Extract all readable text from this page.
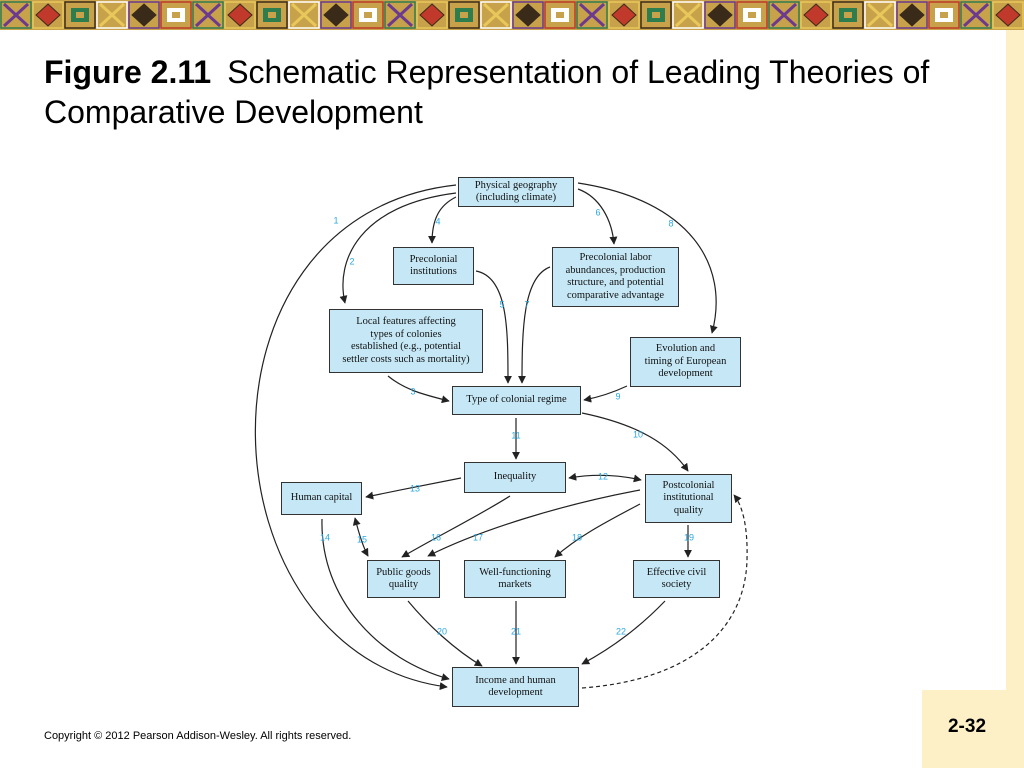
Figure 2.11 Schematic Representation of Leading Theories of Comparative Development
1
2
3
4
5
6
7
8
9
10
11
12
13
14	15	16	17	18	19
20	21	22
Physical geography
(including climate)
Precolonial
institutions
Precolonial labor
abundances, production
structure, and potential
comparative advantage
Local features affecting
types of colonies
established (e.g., potential
settler costs such as mortality)
Evolution and
timing of European
development
Type of colonial regime
Inequality
Human capital
Postcolonial
institutional
quality
Public goods
quality
Well-functioning
markets
Effective civil
society
Income and human
development
Copyright © 2012 Pearson Addison-Wesley. All rights reserved.	2-32
